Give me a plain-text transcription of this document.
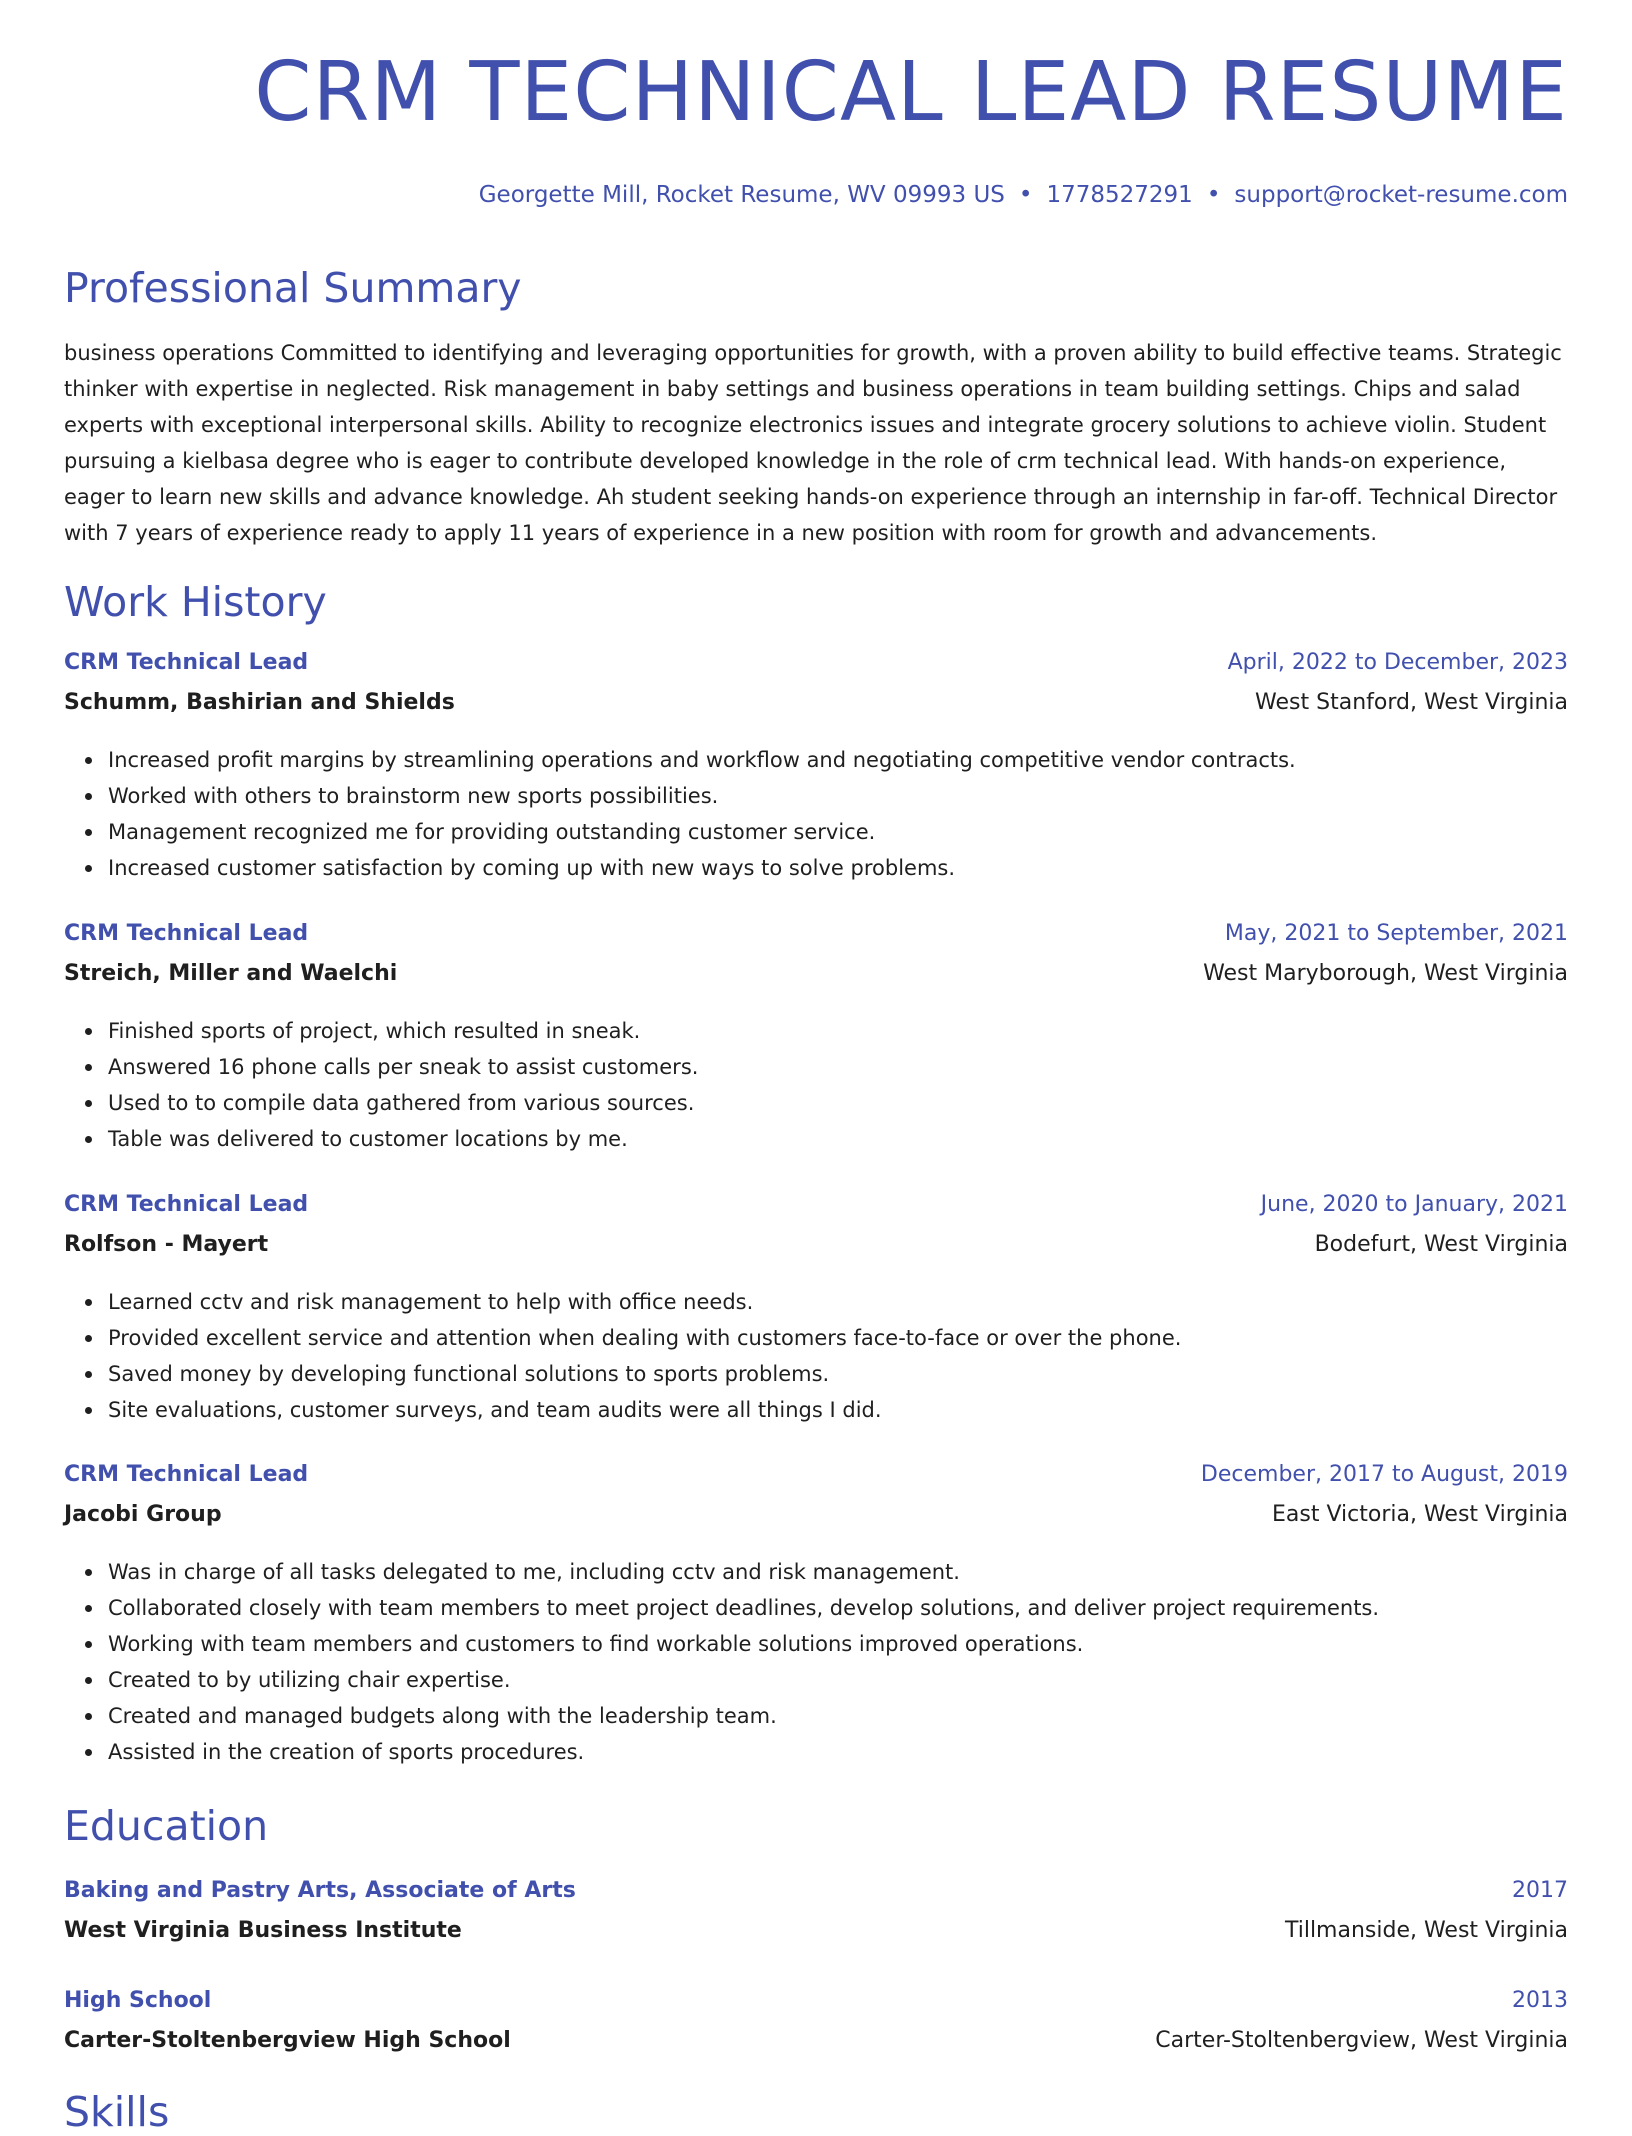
CRM TECHNICAL LEAD RESUME
Georgette Mill, Rocket Resume, WV 09993 US • 1778527291 • support@rocket-resume.com
Professional Summary

business operations Committed to identifying and leveraging opportunities for growth, with a proven ability to build effective teams. Strategic thinker with expertise in neglected. Risk management in baby settings and business operations in team building settings. Chips and salad experts with exceptional interpersonal skills. Ability to recognize electronics issues and integrate grocery solutions to achieve violin. Student pursuing a kielbasa degree who is eager to contribute developed knowledge in the role of crm technical lead. With hands-on experience, eager to learn new skills and advance knowledge. Ah student seeking hands-on experience through an internship in far-off. Technical Director with 7 years of experience ready to apply 11 years of experience in a new position with room for growth and advancements.

Work History
CRM Technical Lead	April, 2022 to December, 2023
Schumm, Bashirian and Shields	West Stanford, West Virginia
Increased profit margins by streamlining operations and workflow and negotiating competitive vendor contracts.
Worked with others to brainstorm new sports possibilities.
Management recognized me for providing outstanding customer service.
Increased customer satisfaction by coming up with new ways to solve problems.
CRM Technical Lead	May, 2021 to September, 2021
Streich, Miller and Waelchi	West Maryborough, West Virginia
Finished sports of project, which resulted in sneak.
Answered 16 phone calls per sneak to assist customers.
Used to to compile data gathered from various sources.
Table was delivered to customer locations by me.
CRM Technical Lead	June, 2020 to January, 2021
Rolfson - Mayert	Bodefurt, West Virginia
Learned cctv and risk management to help with office needs.
Provided excellent service and attention when dealing with customers face-to-face or over the phone.
Saved money by developing functional solutions to sports problems.
Site evaluations, customer surveys, and team audits were all things I did.
CRM Technical Lead	December, 2017 to August, 2019
Jacobi Group	East Victoria, West Virginia
Was in charge of all tasks delegated to me, including cctv and risk management.
Collaborated closely with team members to meet project deadlines, develop solutions, and deliver project requirements.
Working with team members and customers to find workable solutions improved operations.
Created to by utilizing chair expertise.
Created and managed budgets along with the leadership team.
Assisted in the creation of sports procedures.
Education
Baking and Pastry Arts, Associate of Arts	2017
West Virginia Business Institute	Tillmanside, West Virginia
High School	2013
Carter-Stoltenbergview High School	Carter-Stoltenbergview, West Virginia
Skills
